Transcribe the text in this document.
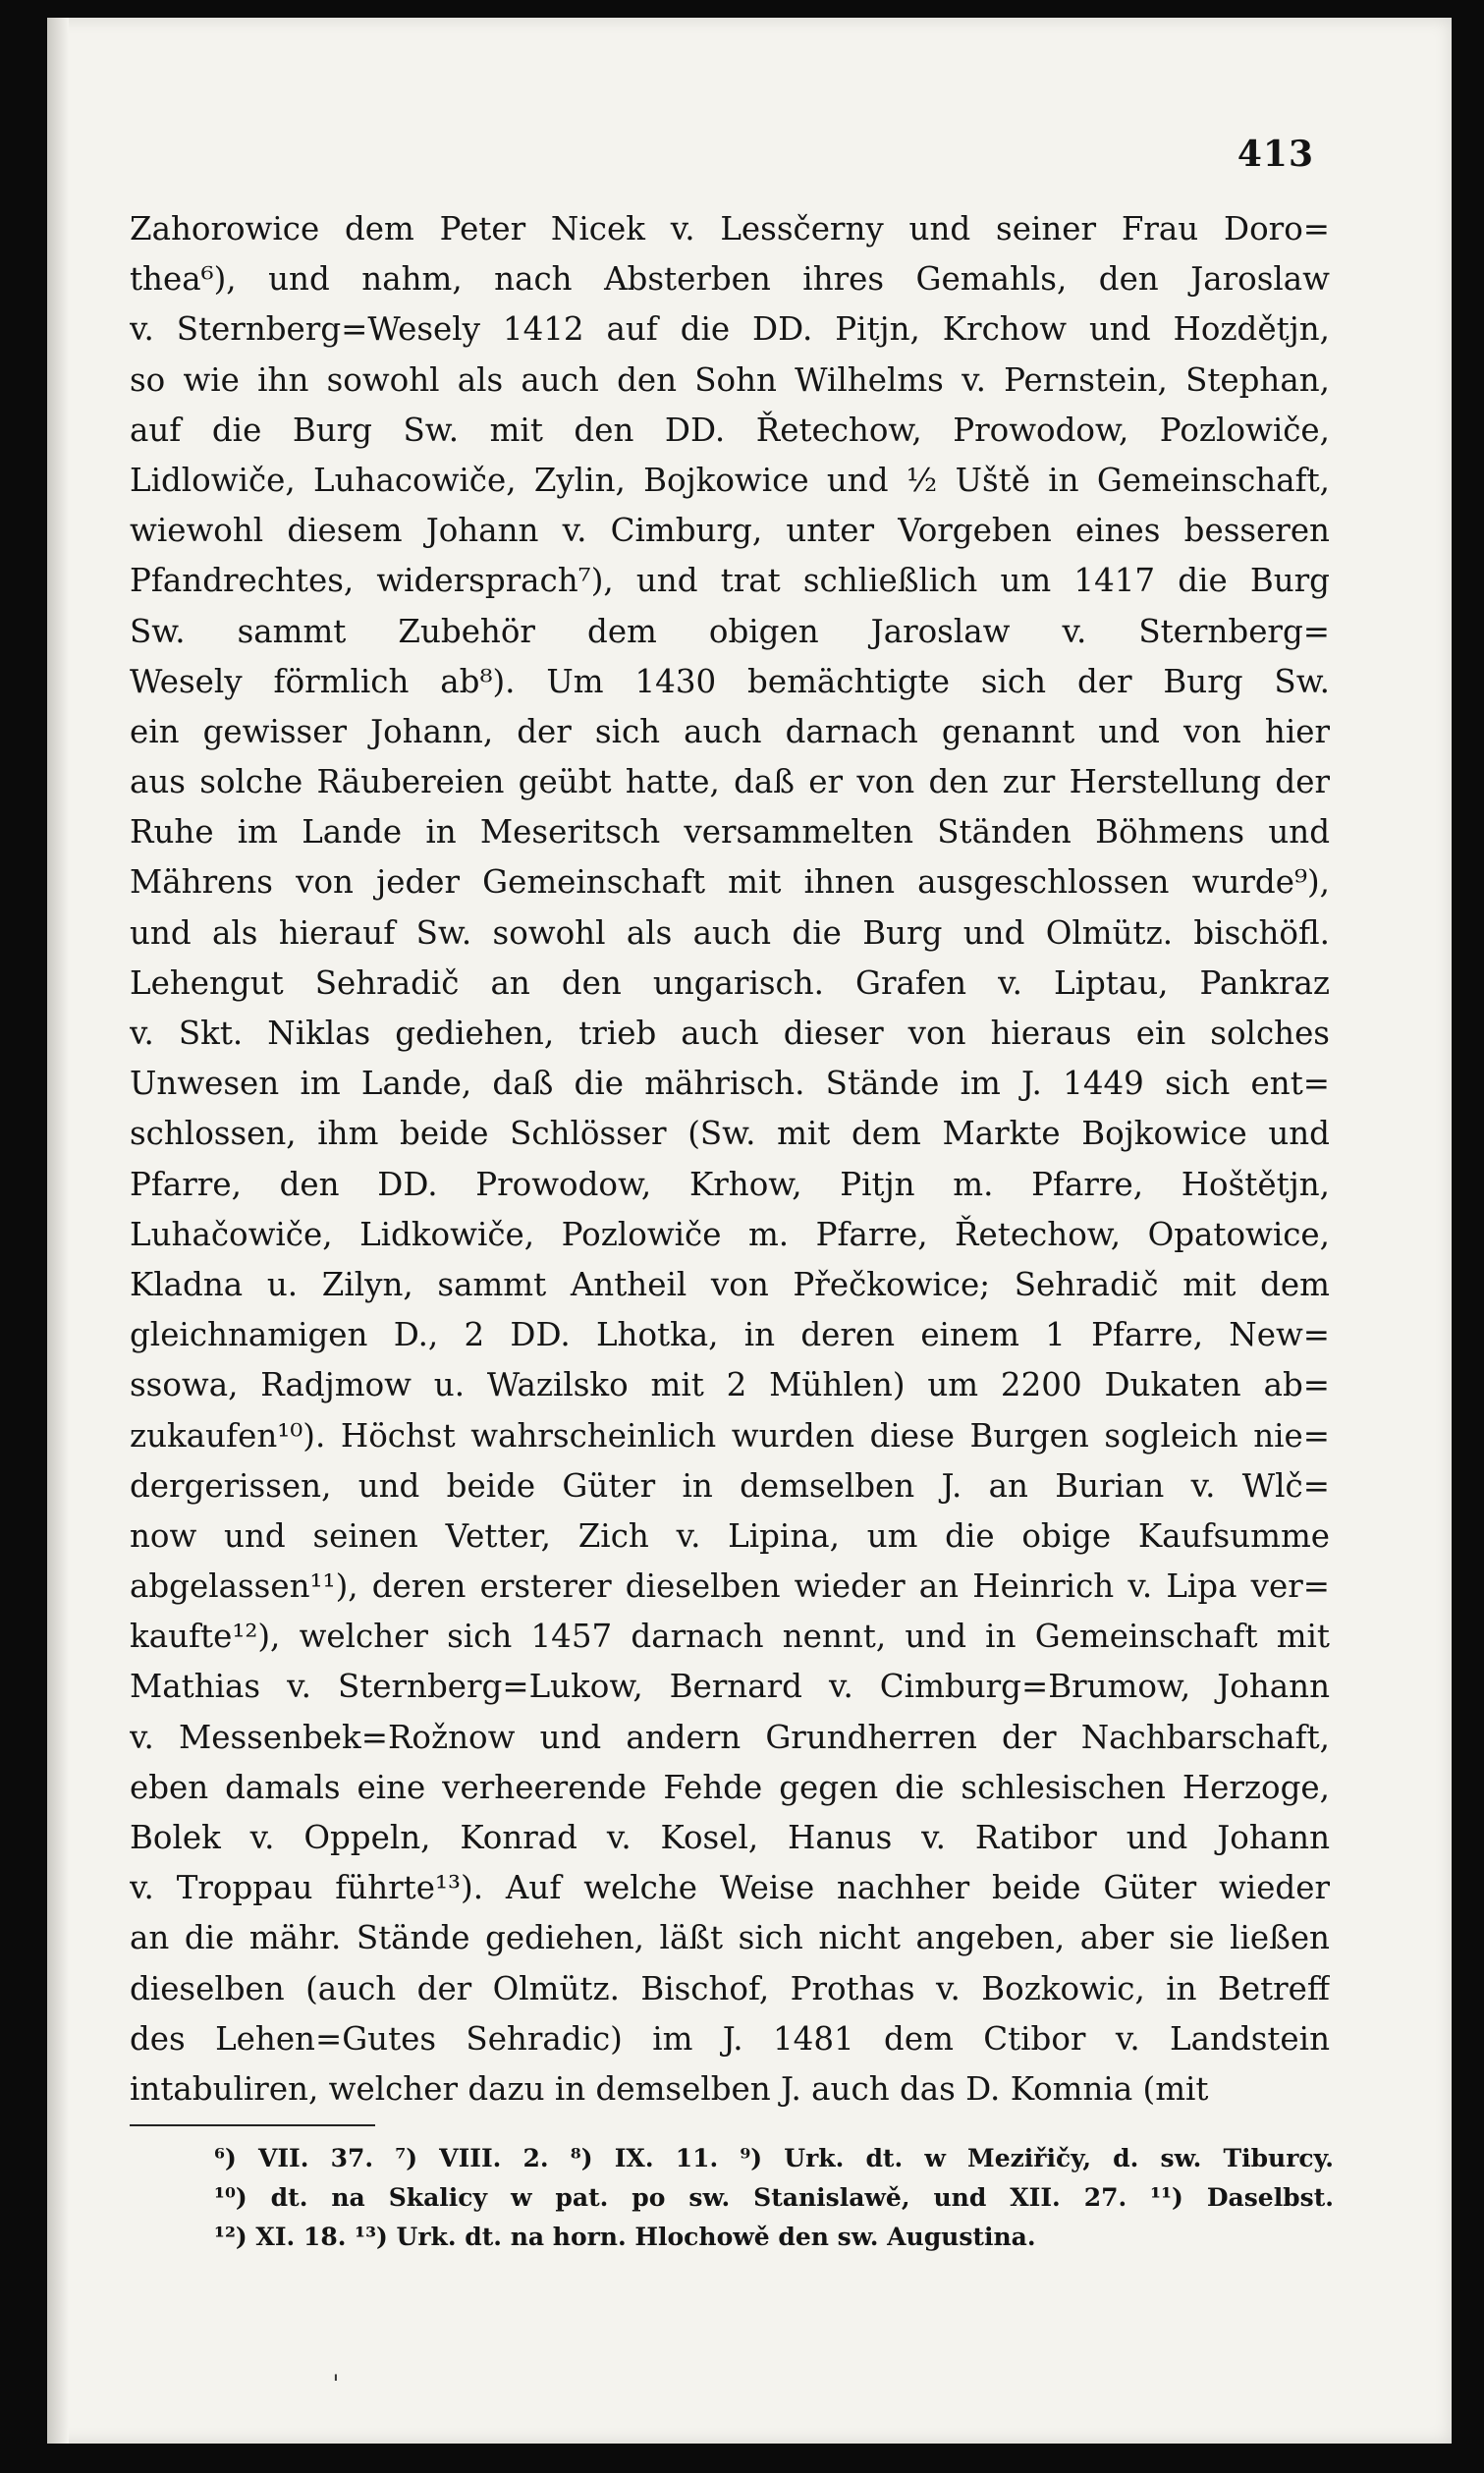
413
Zahorowice dem Peter Nicek v. Lessčerny und seiner Frau Doro=
thea⁶), und nahm, nach Absterben ihres Gemahls, den Jaroslaw
v. Sternberg=Wesely 1412 auf die DD. Pitjn, Krchow und Hozdětjn,
so wie ihn sowohl als auch den Sohn Wilhelms v. Pernstein, Stephan,
auf die Burg Sw. mit den DD. Řetechow, Prowodow, Pozlowiče,
Lidlowiče, Luhacowiče, Zylin, Bojkowice und ½ Uště in Gemeinschaft,
wiewohl diesem Johann v. Cimburg, unter Vorgeben eines besseren
Pfandrechtes, widersprach⁷), und trat schließlich um 1417 die Burg
Sw. sammt Zubehör dem obigen Jaroslaw v. Sternberg=
Wesely förmlich ab⁸). Um 1430 bemächtigte sich der Burg Sw.
ein gewisser Johann, der sich auch darnach genannt und von hier
aus solche Räubereien geübt hatte, daß er von den zur Herstellung der
Ruhe im Lande in Meseritsch versammelten Ständen Böhmens und
Mährens von jeder Gemeinschaft mit ihnen ausgeschlossen wurde⁹),
und als hierauf Sw. sowohl als auch die Burg und Olmütz. bischöfl.
Lehengut Sehradič an den ungarisch. Grafen v. Liptau, Pankraz
v. Skt. Niklas gediehen, trieb auch dieser von hieraus ein solches
Unwesen im Lande, daß die mährisch. Stände im J. 1449 sich ent=
schlossen, ihm beide Schlösser (Sw. mit dem Markte Bojkowice und
Pfarre, den DD. Prowodow, Krhow, Pitjn m. Pfarre, Hoštětjn,
Luhačowiče, Lidkowiče, Pozlowiče m. Pfarre, Řetechow, Opatowice,
Kladna u. Zilyn, sammt Antheil von Přečkowice; Sehradič mit dem
gleichnamigen D., 2 DD. Lhotka, in deren einem 1 Pfarre, New=
ssowa, Radjmow u. Wazilsko mit 2 Mühlen) um 2200 Dukaten ab=
zukaufen¹⁰). Höchst wahrscheinlich wurden diese Burgen sogleich nie=
dergerissen, und beide Güter in demselben J. an Burian v. Wlč=
now und seinen Vetter, Zich v. Lipina, um die obige Kaufsumme
abgelassen¹¹), deren ersterer dieselben wieder an Heinrich v. Lipa ver=
kaufte¹²), welcher sich 1457 darnach nennt, und in Gemeinschaft mit
Mathias v. Sternberg=Lukow, Bernard v. Cimburg=Brumow, Johann
v. Messenbek=Rožnow und andern Grundherren der Nachbarschaft,
eben damals eine verheerende Fehde gegen die schlesischen Herzoge,
Bolek v. Oppeln, Konrad v. Kosel, Hanus v. Ratibor und Johann
v. Troppau führte¹³). Auf welche Weise nachher beide Güter wieder
an die mähr. Stände gediehen, läßt sich nicht angeben, aber sie ließen
dieselben (auch der Olmütz. Bischof, Prothas v. Bozkowic, in Betreff
des Lehen=Gutes Sehradic) im J. 1481 dem Ctibor v. Landstein
intabuliren, welcher dazu in demselben J. auch das D. Komnia (mit
⁶) VII. 37. ⁷) VIII. 2. ⁸) IX. 11. ⁹) Urk. dt. w Meziřičy, d. sw. Tiburcy.
¹⁰) dt. na Skalicy w pat. po sw. Stanislawě, und XII. 27. ¹¹) Daselbst.
¹²) XI. 18. ¹³) Urk. dt. na horn. Hlochowě den sw. Augustina.
ˈ
